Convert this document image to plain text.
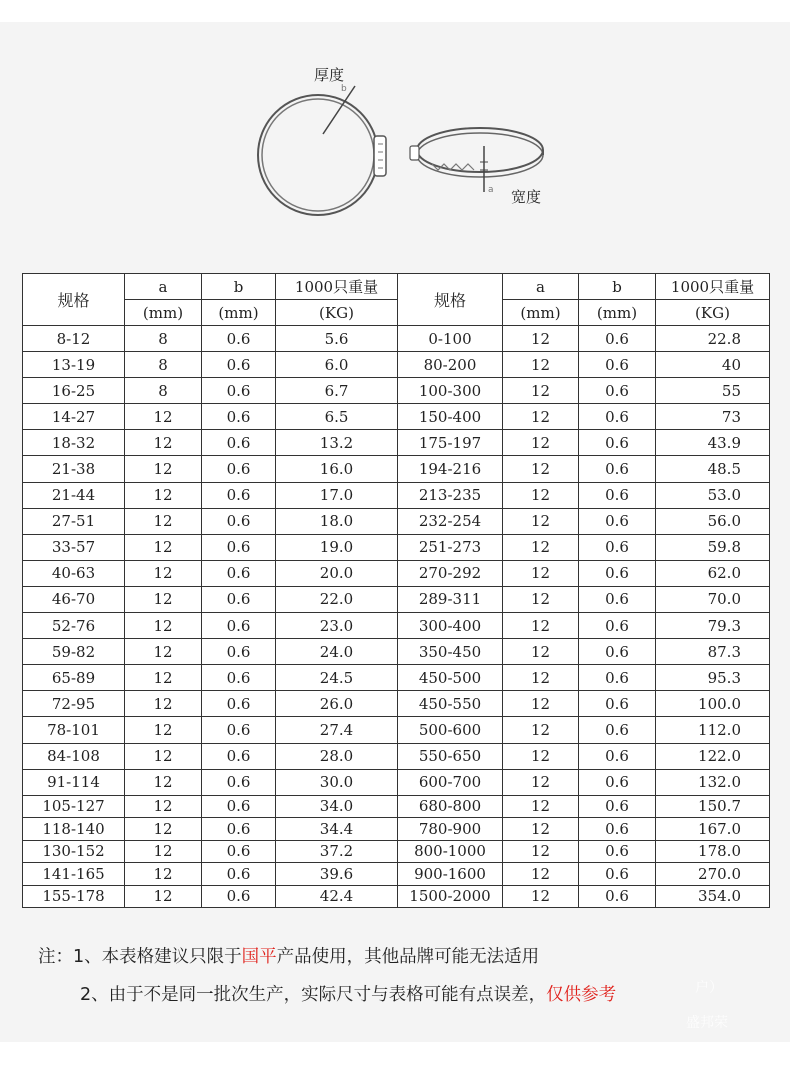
厚度
b
a 宽度
规格	a	b	1000只重量	规格	a	b	1000只重量
	(mm)	(mm)	(KG)		(mm)	(mm)	(KG)
8-12	8	0.6	5.6	0-100	12	0.6	22.8
13-19	8	0.6	6.0	80-200	12	0.6	40
16-25	8	0.6	6.7	100-300	12	0.6	55
14-27	12	0.6	6.5	150-400	12	0.6	73
18-32	12	0.6	13.2	175-197	12	0.6	43.9
21-38	12	0.6	16.0	194-216	12	0.6	48.5
21-44	12	0.6	17.0	213-235	12	0.6	53.0
27-51	12	0.6	18.0	232-254	12	0.6	56.0
33-57	12	0.6	19.0	251-273	12	0.6	59.8
40-63	12	0.6	20.0	270-292	12	0.6	62.0
46-70	12	0.6	22.0	289-311	12	0.6	70.0
52-76	12	0.6	23.0	300-400	12	0.6	79.3
59-82	12	0.6	24.0	350-450	12	0.6	87.3
65-89	12	0.6	24.5	450-500	12	0.6	95.3
72-95	12	0.6	26.0	450-550	12	0.6	100.0
78-101	12	0.6	27.4	500-600	12	0.6	112.0
84-108	12	0.6	28.0	550-650	12	0.6	122.0
91-114	12	0.6	30.0	600-700	12	0.6	132.0
105-127	12	0.6	34.0	680-800	12	0.6	150.7
118-140	12	0.6	34.4	780-900	12	0.6	167.0
130-152	12	0.6	37.2	800-1000	12	0.6	178.0
141-165	12	0.6	39.6	900-1600	12	0.6	270.0
155-178	12	0.6	42.4	1500-2000	12	0.6	354.0
注：1、本表格建议只限于国平产品使用，其他品牌可能无法适用
2、由于不是同一批次生产，实际尺寸与表格可能有点误差，仅供参考	户）
盛邦荣
